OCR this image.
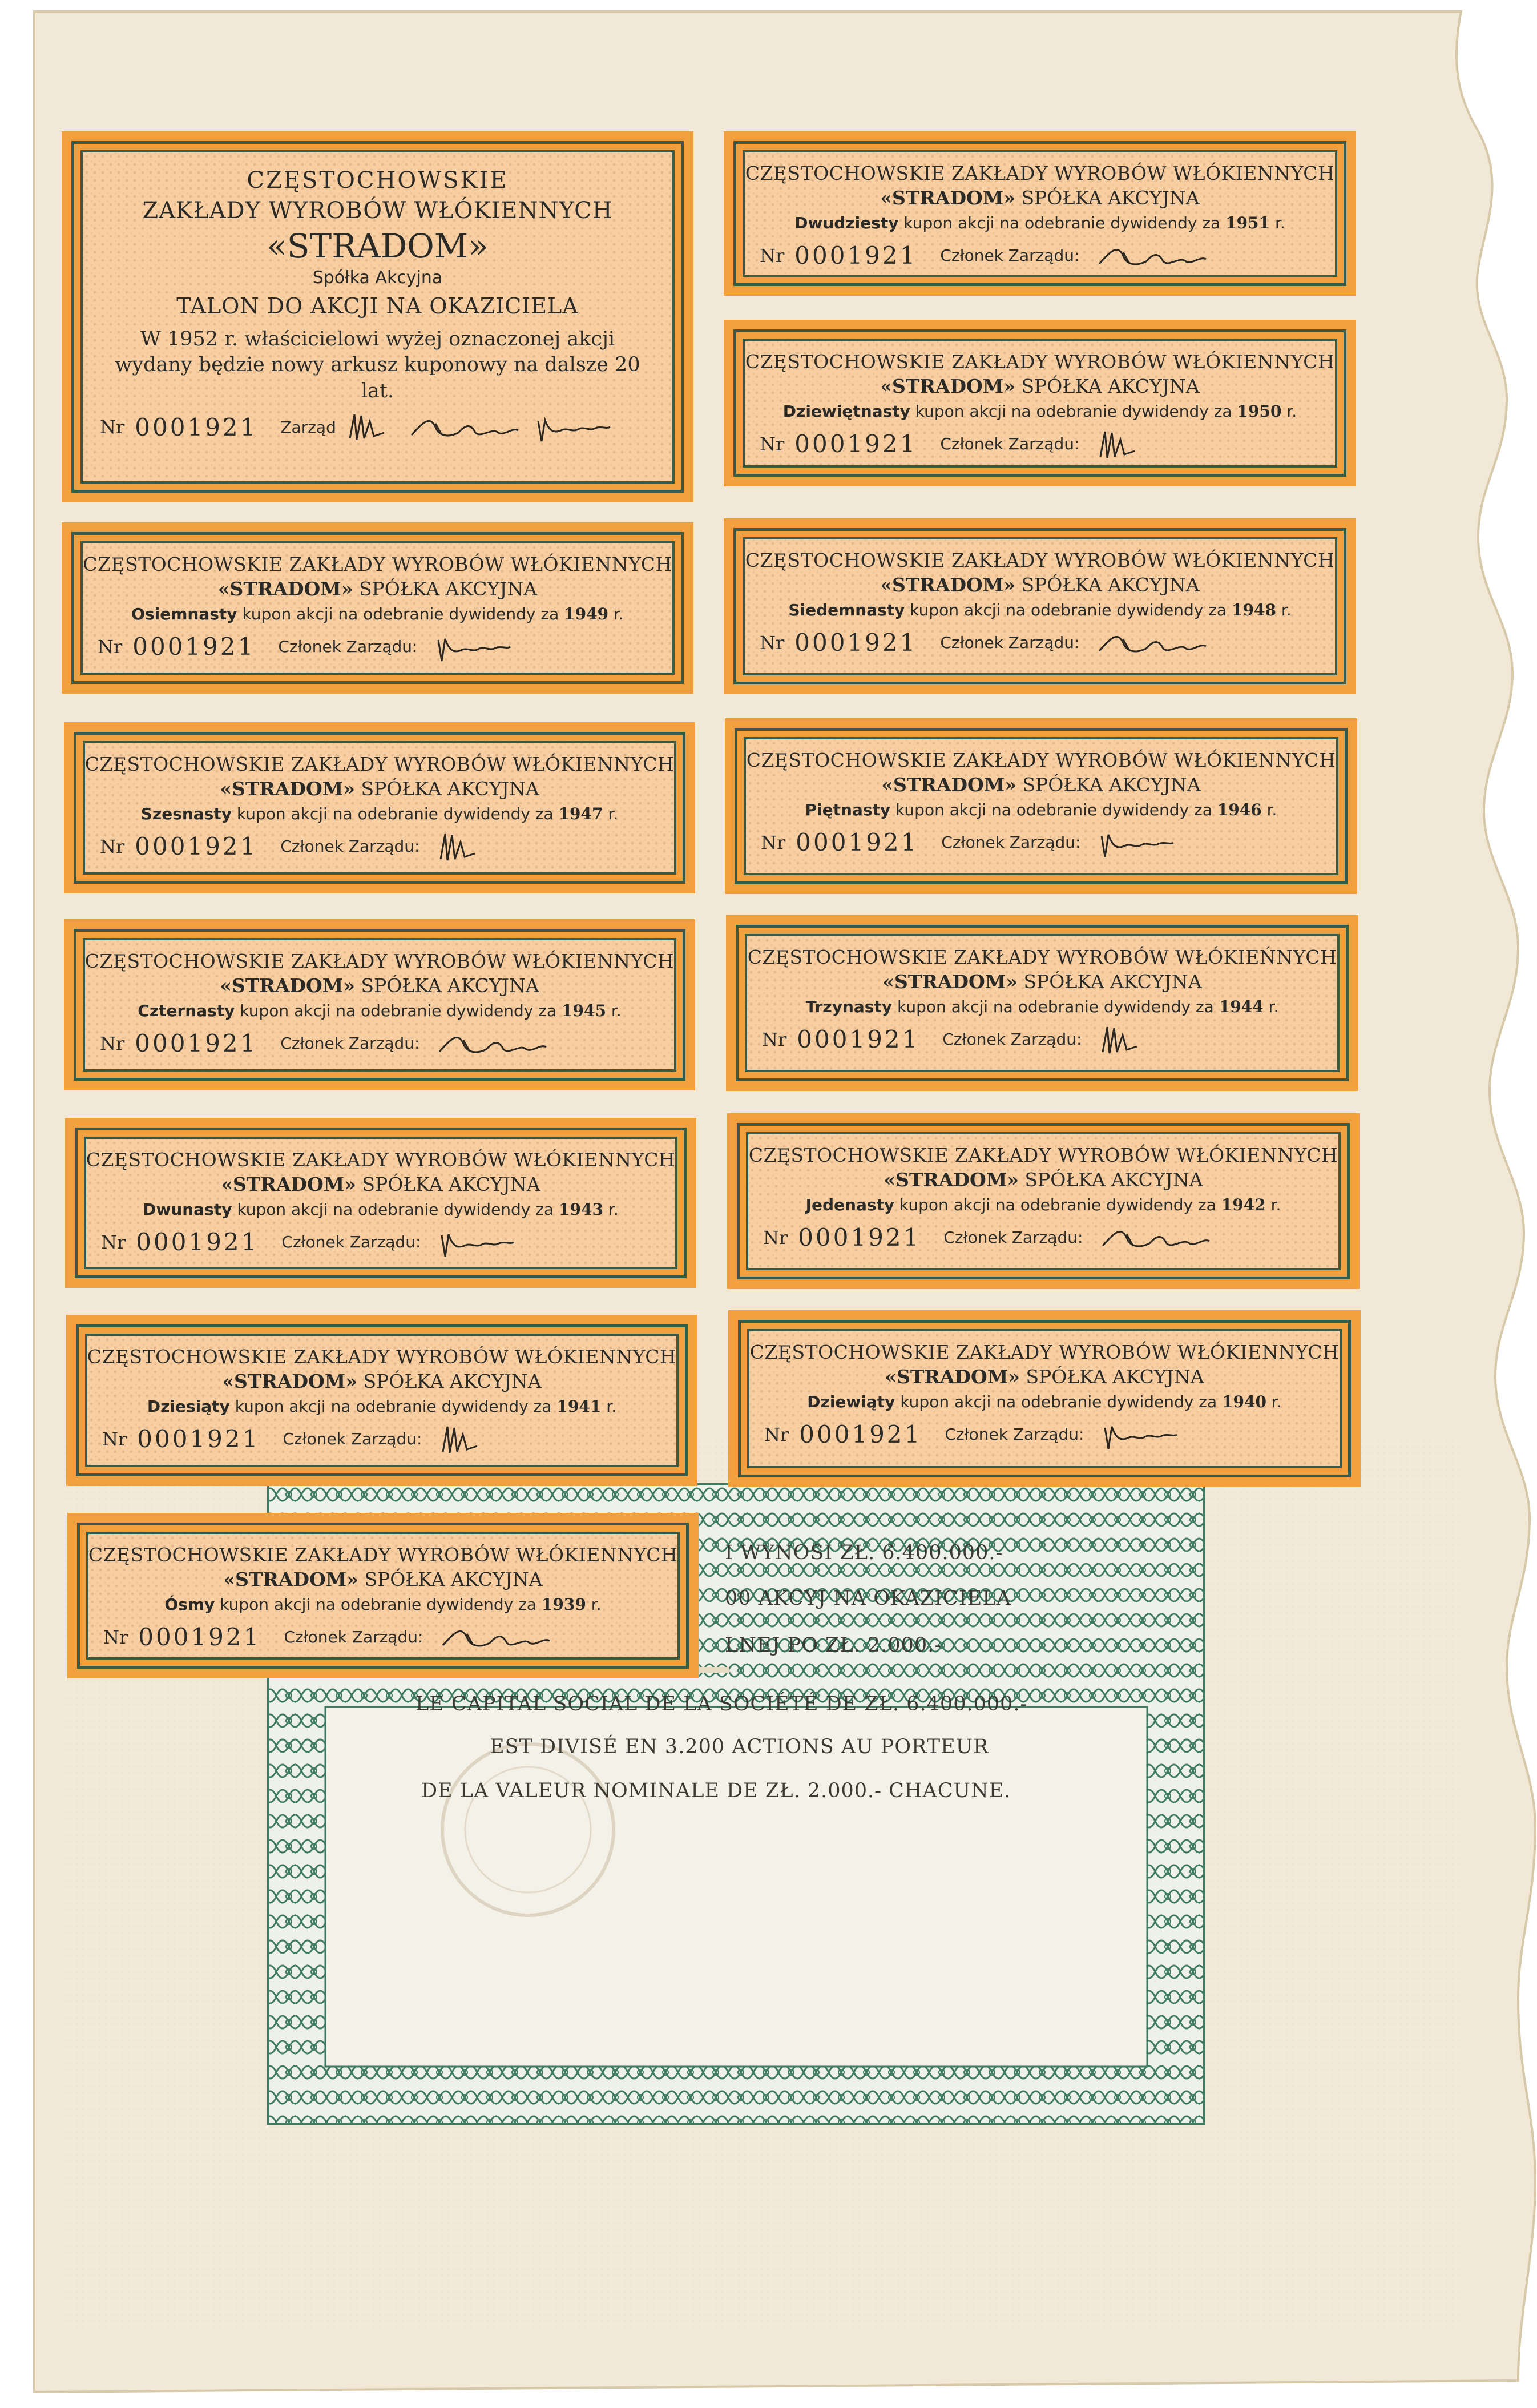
CZĘSTOCHOWSKIE
ZAKŁADY WYROBÓW WŁÓKIENNYCH
«STRADOM»
Spółka Akcyjna
TALON DO AKCJI NA OKAZICIELA
W 1952 r. właścicielowi wyżej oznaczonej akcji
wydany będzie nowy arkusz kuponowy na dalsze 20 lat.
Nr 0001921 Zarząd
CZĘSTOCHOWSKIE ZAKŁADY WYROBÓW WŁÓKIENNYCH
«STRADOM» SPÓŁKA AKCYJNA
Dwudziesty kupon akcji na odebranie dywidendy za 1951 r.
Nr 0001921 Członek Zarządu:
CZĘSTOCHOWSKIE ZAKŁADY WYROBÓW WŁÓKIENNYCH
«STRADOM» SPÓŁKA AKCYJNA
Dziewiętnasty kupon akcji na odebranie dywidendy za 1950 r.
Nr 0001921 Członek Zarządu:
CZĘSTOCHOWSKIE ZAKŁADY WYROBÓW WŁÓKIENNYCH
«STRADOM» SPÓŁKA AKCYJNA
Osiemnasty kupon akcji na odebranie dywidendy za 1949 r.
Nr 0001921 Członek Zarządu:
CZĘSTOCHOWSKIE ZAKŁADY WYROBÓW WŁÓKIENNYCH
«STRADOM» SPÓŁKA AKCYJNA
Siedemnasty kupon akcji na odebranie dywidendy za 1948 r.
Nr 0001921 Członek Zarządu:
CZĘSTOCHOWSKIE ZAKŁADY WYROBÓW WŁÓKIENNYCH
«STRADOM» SPÓŁKA AKCYJNA
Szesnasty kupon akcji na odebranie dywidendy za 1947 r.
Nr 0001921 Członek Zarządu:
CZĘSTOCHOWSKIE ZAKŁADY WYROBÓW WŁÓKIENNYCH
«STRADOM» SPÓŁKA AKCYJNA
Piętnasty kupon akcji na odebranie dywidendy za 1946 r.
Nr 0001921 Członek Zarządu:
CZĘSTOCHOWSKIE ZAKŁADY WYROBÓW WŁÓKIENNYCH
«STRADOM» SPÓŁKA AKCYJNA
Czternasty kupon akcji na odebranie dywidendy za 1945 r.
Nr 0001921 Członek Zarządu:
CZĘSTOCHOWSKIE ZAKŁADY WYROBÓW WŁÓKIEŃNYCH
«STRADOM» SPÓŁKA AKCYJNA
Trzynasty kupon akcji na odebranie dywidendy za 1944 r.
Nr 0001921 Członek Zarządu:
CZĘSTOCHOWSKIE ZAKŁADY WYROBÓW WŁÓKIENNYCH
«STRADOM» SPÓŁKA AKCYJNA
Dwunasty kupon akcji na odebranie dywidendy za 1943 r.
Nr 0001921 Członek Zarządu:
CZĘSTOCHOWSKIE ZAKŁADY WYROBÓW WŁÓKIENNYCH
«STRADOM» SPÓŁKA AKCYJNA
Jedenasty kupon akcji na odebranie dywidendy za 1942 r.
Nr 0001921 Członek Zarządu:
CZĘSTOCHOWSKIE ZAKŁADY WYROBÓW WŁÓKIENNYCH
«STRADOM» SPÓŁKA AKCYJNA
Dziesiąty kupon akcji na odebranie dywidendy za 1941 r.
Nr 0001921 Członek Zarządu:
CZĘSTOCHOWSKIE ZAKŁADY WYROBÓW WŁÓKIENNYCH
«STRADOM» SPÓŁKA AKCYJNA
Dziewiąty kupon akcji na odebranie dywidendy za 1940 r.
Nr 0001921 Członek Zarządu:
CZĘSTOCHOWSKIE ZAKŁADY WYROBÓW WŁÓKIENNYCH
«STRADOM» SPÓŁKA AKCYJNA
Ósmy kupon akcji na odebranie dywidendy za 1939 r.
Nr 0001921 Członek Zarządu:
I WYNOSI ZŁ. 6.400.000.-
00 AKCYJ NA OKAZICIELA
LNEJ PO ZŁ. 2.000.-
LE CAPITAL SOCIAL DE LA SOCIÉTÉ DE ZŁ. 6.400.000.-
EST DIVISÉ EN 3.200 ACTIONS AU PORTEUR
DE LA VALEUR NOMINALE DE ZŁ. 2.000.- CHACUNE.
